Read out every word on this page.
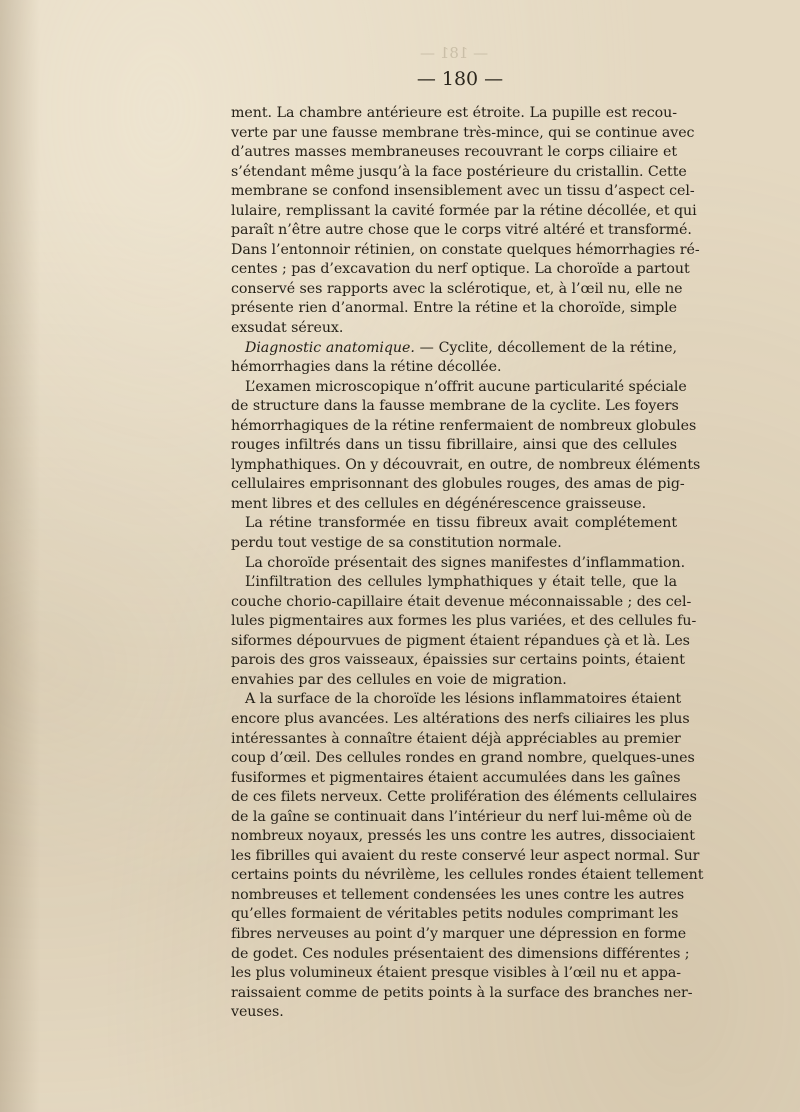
— 181 —
— 180 —
ment. La chambre antérieure est étroite. La pupille est recou-
verte par une fausse membrane très-mince, qui se continue avec
d’autres masses membraneuses recouvrant le corps ciliaire et
s’étendant même jusqu’à la face postérieure du cristallin. Cette
membrane se confond insensiblement avec un tissu d’aspect cel-
lulaire, remplissant la cavité formée par la rétine décollée, et qui
paraît n’être autre chose que le corps vitré altéré et transformé.
Dans l’entonnoir rétinien, on constate quelques hémorrhagies ré-
centes ; pas d’excavation du nerf optique. La choroïde a partout
conservé ses rapports avec la sclérotique, et, à l’œil nu, elle ne
présente rien d’anormal. Entre la rétine et la choroïde, simple
exsudat séreux.
Diagnostic anatomique. — Cyclite, décollement de la rétine,
hémorrhagies dans la rétine décollée.
L’examen microscopique n’offrit aucune particularité spéciale
de structure dans la fausse membrane de la cyclite. Les foyers
hémorrhagiques de la rétine renfermaient de nombreux globules
rouges infiltrés dans un tissu fibrillaire, ainsi que des cellules
lymphathiques. On y découvrait, en outre, de nombreux éléments
cellulaires emprisonnant des globules rouges, des amas de pig-
ment libres et des cellules en dégénérescence graisseuse.
La rétine transformée en tissu fibreux avait complétement
perdu tout vestige de sa constitution normale.
La choroïde présentait des signes manifestes d’inflammation.
L’infiltration des cellules lymphathiques y était telle, que la
couche chorio-capillaire était devenue méconnaissable ; des cel-
lules pigmentaires aux formes les plus variées, et des cellules fu-
siformes dépourvues de pigment étaient répandues çà et là. Les
parois des gros vaisseaux, épaissies sur certains points, étaient
envahies par des cellules en voie de migration.
A la surface de la choroïde les lésions inflammatoires étaient
encore plus avancées. Les altérations des nerfs ciliaires les plus
intéressantes à connaître étaient déjà appréciables au premier
coup d’œil. Des cellules rondes en grand nombre, quelques-unes
fusiformes et pigmentaires étaient accumulées dans les gaînes
de ces filets nerveux. Cette prolifération des éléments cellulaires
de la gaîne se continuait dans l’intérieur du nerf lui-même où de
nombreux noyaux, pressés les uns contre les autres, dissociaient
les fibrilles qui avaient du reste conservé leur aspect normal. Sur
certains points du névrilème, les cellules rondes étaient tellement
nombreuses et tellement condensées les unes contre les autres
qu’elles formaient de véritables petits nodules comprimant les
fibres nerveuses au point d’y marquer une dépression en forme
de godet. Ces nodules présentaient des dimensions différentes ;
les plus volumineux étaient presque visibles à l’œil nu et appa-
raissaient comme de petits points à la surface des branches ner-
veuses.
